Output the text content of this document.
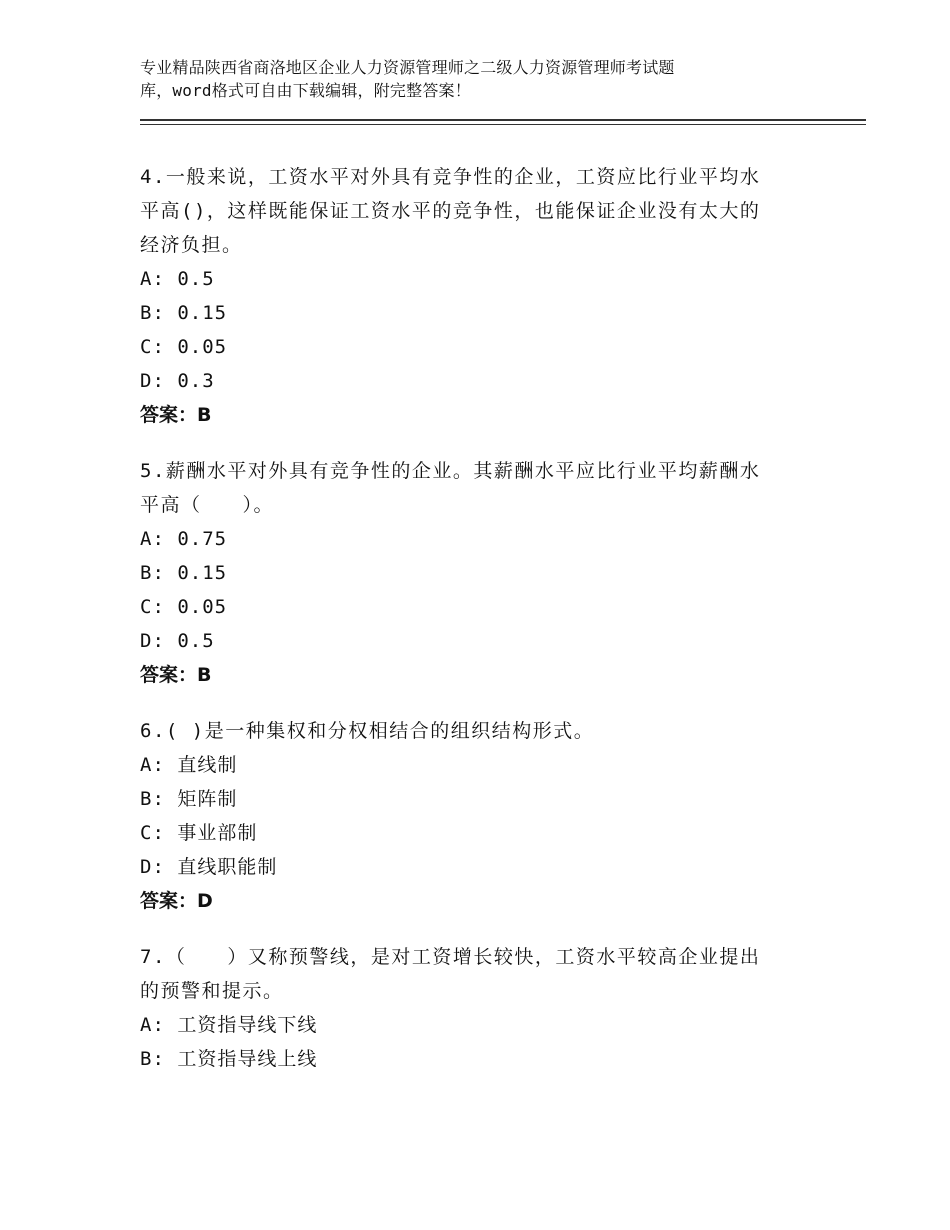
专业精品陕西省商洛地区企业人力资源管理师之二级人力资源管理师考试题
库，word格式可自由下载编辑，附完整答案！
4.一般来说，工资水平对外具有竞争性的企业，工资应比行业平均水
平高()，这样既能保证工资水平的竞争性，也能保证企业没有太大的
经济负担。
A: 0.5
B: 0.15
C: 0.05
D: 0.3
答案：B
5.薪酬水平对外具有竞争性的企业。其薪酬水平应比行业平均薪酬水
平高（　　）。
A: 0.75
B: 0.15
C: 0.05
D: 0.5
答案：B
6.( )是一种集权和分权相结合的组织结构形式。
A: 直线制
B: 矩阵制
C: 事业部制
D: 直线职能制
答案：D
7.（　　）又称预警线，是对工资增长较快，工资水平较高企业提出
的预警和提示。
A: 工资指导线下线
B: 工资指导线上线
